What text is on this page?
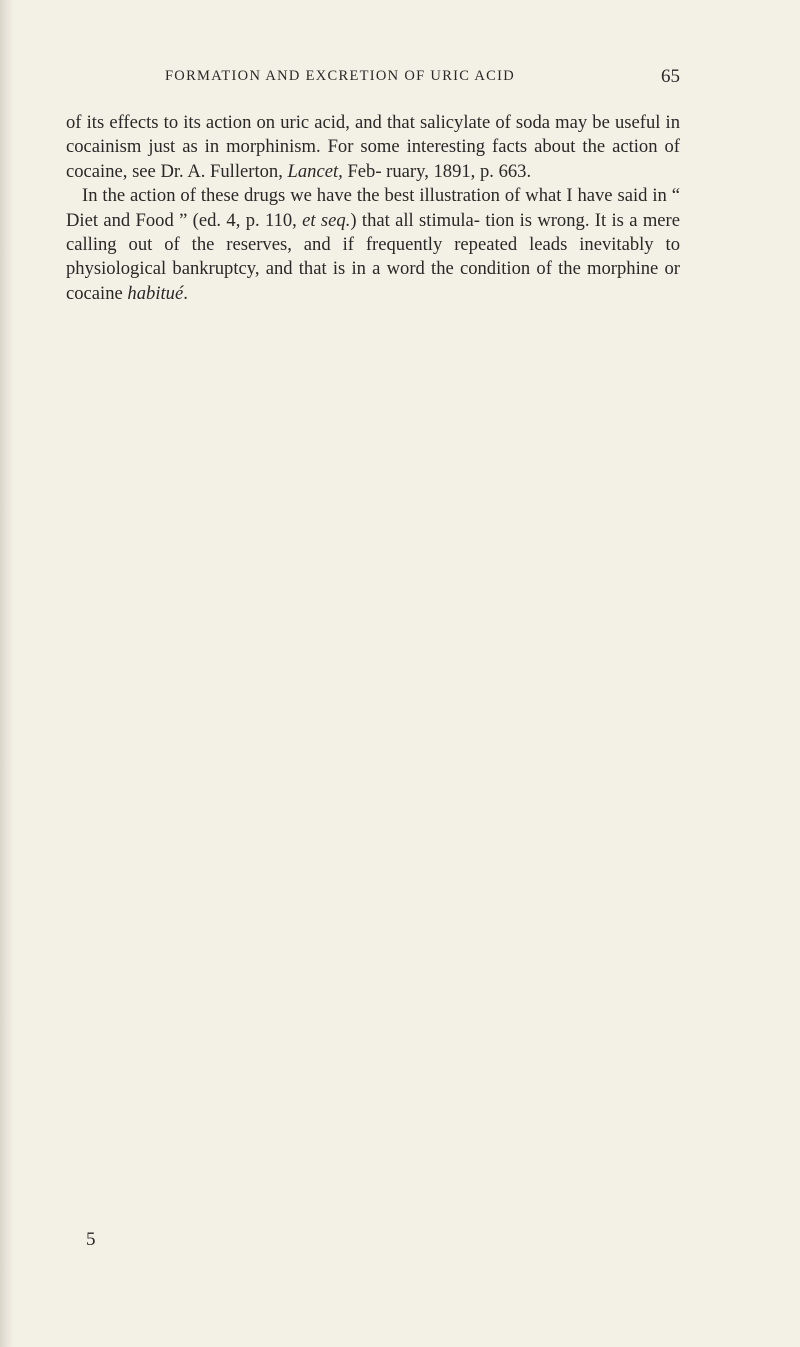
FORMATION AND EXCRETION OF URIC ACID	65

of its effects to its action on uric acid, and that salicylate of soda may be useful in cocainism just as in morphinism. For some interesting facts about the action of cocaine, see Dr. A. Fullerton, Lancet, Feb- ruary, 1891, p. 663.

In the action of these drugs we have the best illustration of what I have said in “ Diet and Food ” (ed. 4, p. 110, et seq.) that all stimula- tion is wrong. It is a mere calling out of the reserves, and if frequently repeated leads inevitably to physiological bankruptcy, and that is in a word the condition of the morphine or cocaine habitué.

5
